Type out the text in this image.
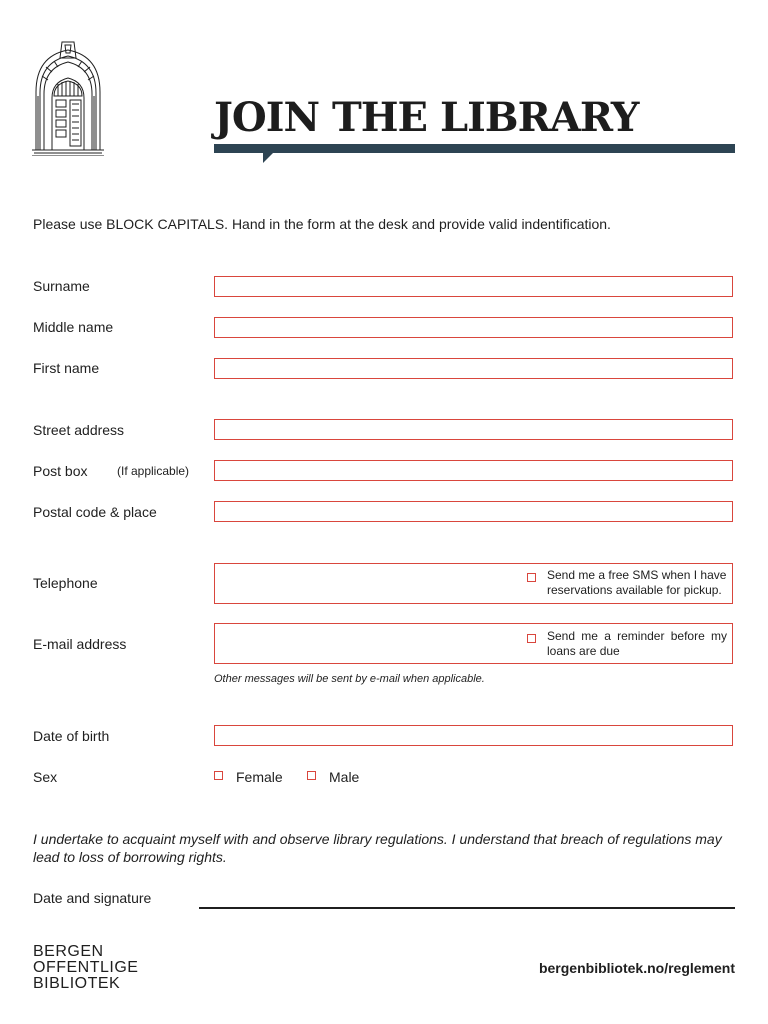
JOIN THE LIBRARY
Please use BLOCK CAPITALS. Hand in the form at the desk and provide valid indentification.
Surname
Middle name
First name
Street address
Post box (If applicable)
Postal code & place
Telephone	Send me a free SMS when I have reservations available for pickup.
E-mail address	Send me a reminder before my loans are due
Other messages will be sent by e-mail when applicable.
Date of birth
Sex	Female	Male
I undertake to acquaint myself with and observe library regulations. I understand that breach of regulations may lead to loss of borrowing rights.
Date and signature
BERGEN
OFFENTLIGE
BIBLIOTEK
bergenbibliotek.no/reglement
